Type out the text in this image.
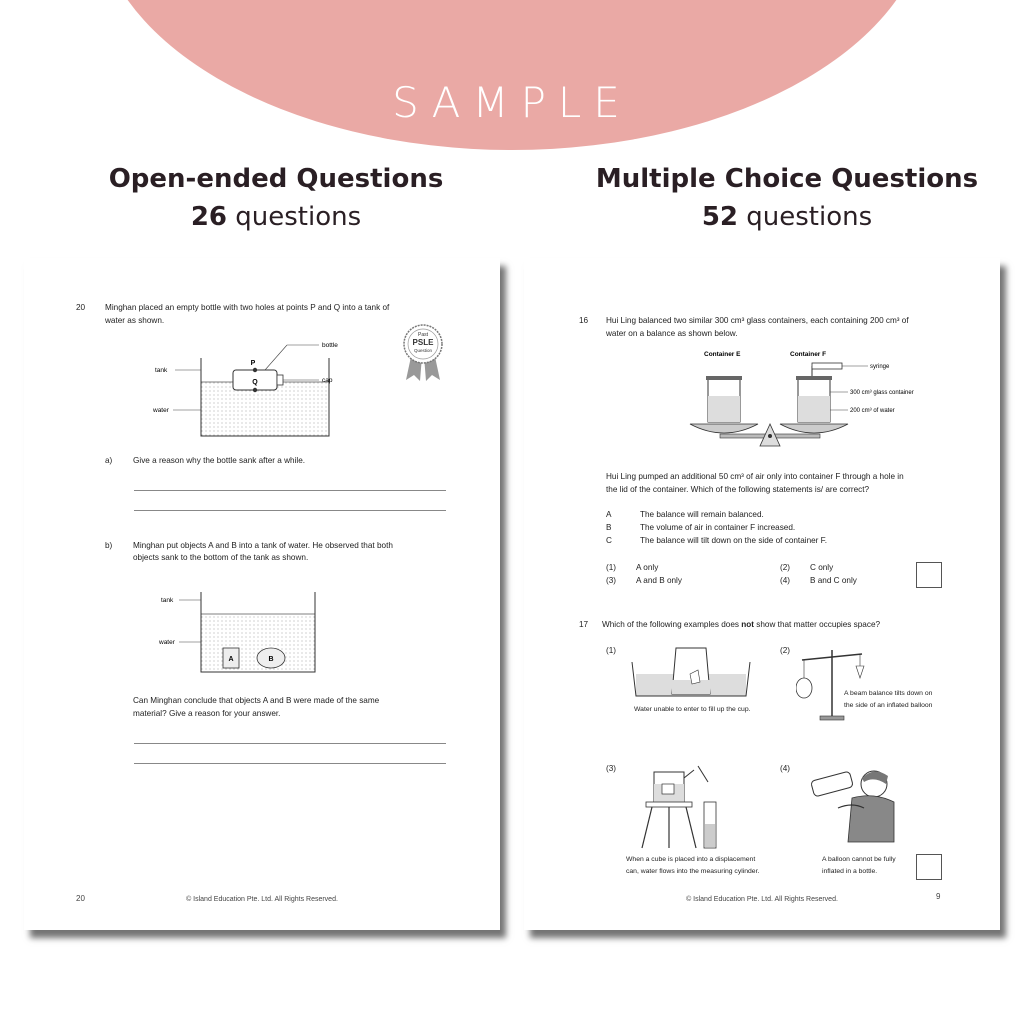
SAMPLE
Open-ended Questions
26 questions
Multiple Choice Questions
52 questions
20 Minghan placed an empty bottle with two holes at points P and Q into a tank of
water as shown.
Past
PSLE
Question
P
Q
bottle
cap
tank
water
a)	Give a reason why the bottle sank after a while.
b)	Minghan put objects A and B into a tank of water. He observed that both
objects sank to the bottom of the tank as shown.
A	B
tank
water
Can Minghan conclude that objects A and B were made of the same
material? Give a reason for your answer.
20	© Island Education Pte. Ltd. All Rights Reserved.
16 Hui Ling balanced two similar 300 cm³ glass containers, each containing 200 cm³ of
water on a balance as shown below.
Container E	Container F
syringe
300 cm³ glass container
200 cm³ of water
Hui Ling pumped an additional 50 cm³ of air only into container F through a hole in
the lid of the container. Which of the following statements is/ are correct?
A	The balance will remain balanced.
B	The volume of air in container F increased.
C	The balance will tilt down on the side of container F.
(1) A only	(2) C only
(3) A and B only	(4) B and C only
17 Which of the following examples does not show that matter occupies space?
(1)
Water unable to enter to fill up the cup.
(2)
A beam balance tilts down on
the side of an inflated balloon
(3)
When a cube is placed into a displacement
can, water flows into the measuring cylinder.
(4)
A balloon cannot be fully
inflated in a bottle.
© Island Education Pte. Ltd. All Rights Reserved.	9
